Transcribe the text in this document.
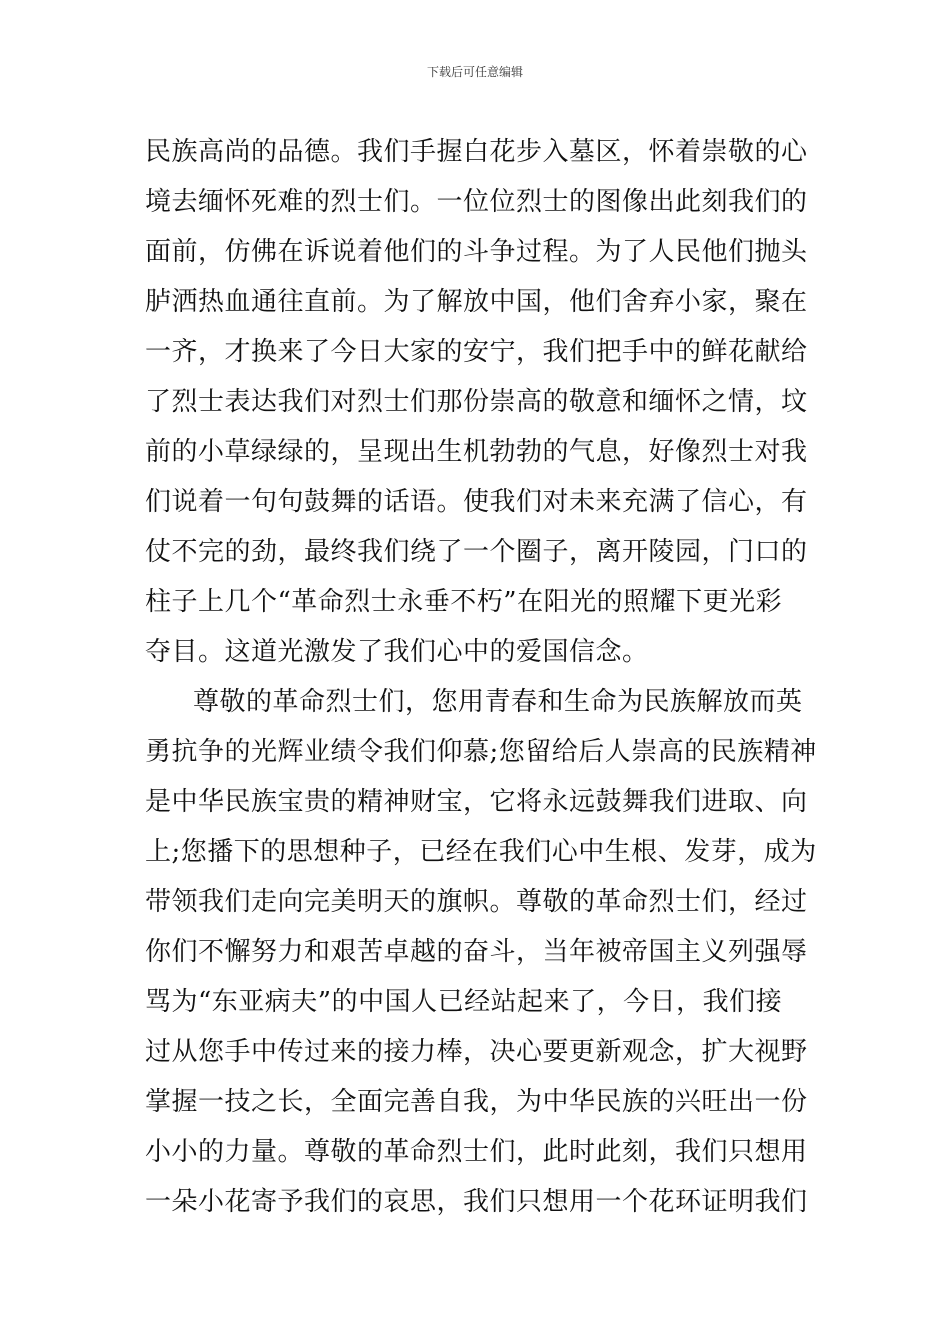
下载后可任意编辑
民族高尚的品德。我们手握白花步入墓区，怀着崇敬的心
境去缅怀死难的烈士们。一位位烈士的图像出此刻我们的
面前，仿佛在诉说着他们的斗争过程。为了人民他们抛头
胪洒热血通往直前。为了解放中国，他们舍弃小家，聚在
一齐，才换来了今日大家的安宁，我们把手中的鲜花献给
了烈士表达我们对烈士们那份崇高的敬意和缅怀之情，坟
前的小草绿绿的，呈现出生机勃勃的气息，好像烈士对我
们说着一句句鼓舞的话语。使我们对未来充满了信心，有
仗不完的劲，最终我们绕了一个圈子，离开陵园，门口的
柱子上几个“革命烈士永垂不朽”在阳光的照耀下更光彩
夺目。这道光激发了我们心中的爱国信念。
尊敬的革命烈士们，您用青春和生命为民族解放而英
勇抗争的光辉业绩令我们仰慕;您留给后人崇高的民族精神
是中华民族宝贵的精神财宝，它将永远鼓舞我们进取、向
上;您播下的思想种子，已经在我们心中生根、发芽，成为
带领我们走向完美明天的旗帜。尊敬的革命烈士们，经过
你们不懈努力和艰苦卓越的奋斗，当年被帝国主义列强辱
骂为“东亚病夫”的中国人已经站起来了，今日，我们接
过从您手中传过来的接力棒，决心要更新观念，扩大视野
掌握一技之长，全面完善自我，为中华民族的兴旺出一份
小小的力量。尊敬的革命烈士们，此时此刻，我们只想用
一朵小花寄予我们的哀思，我们只想用一个花环证明我们
